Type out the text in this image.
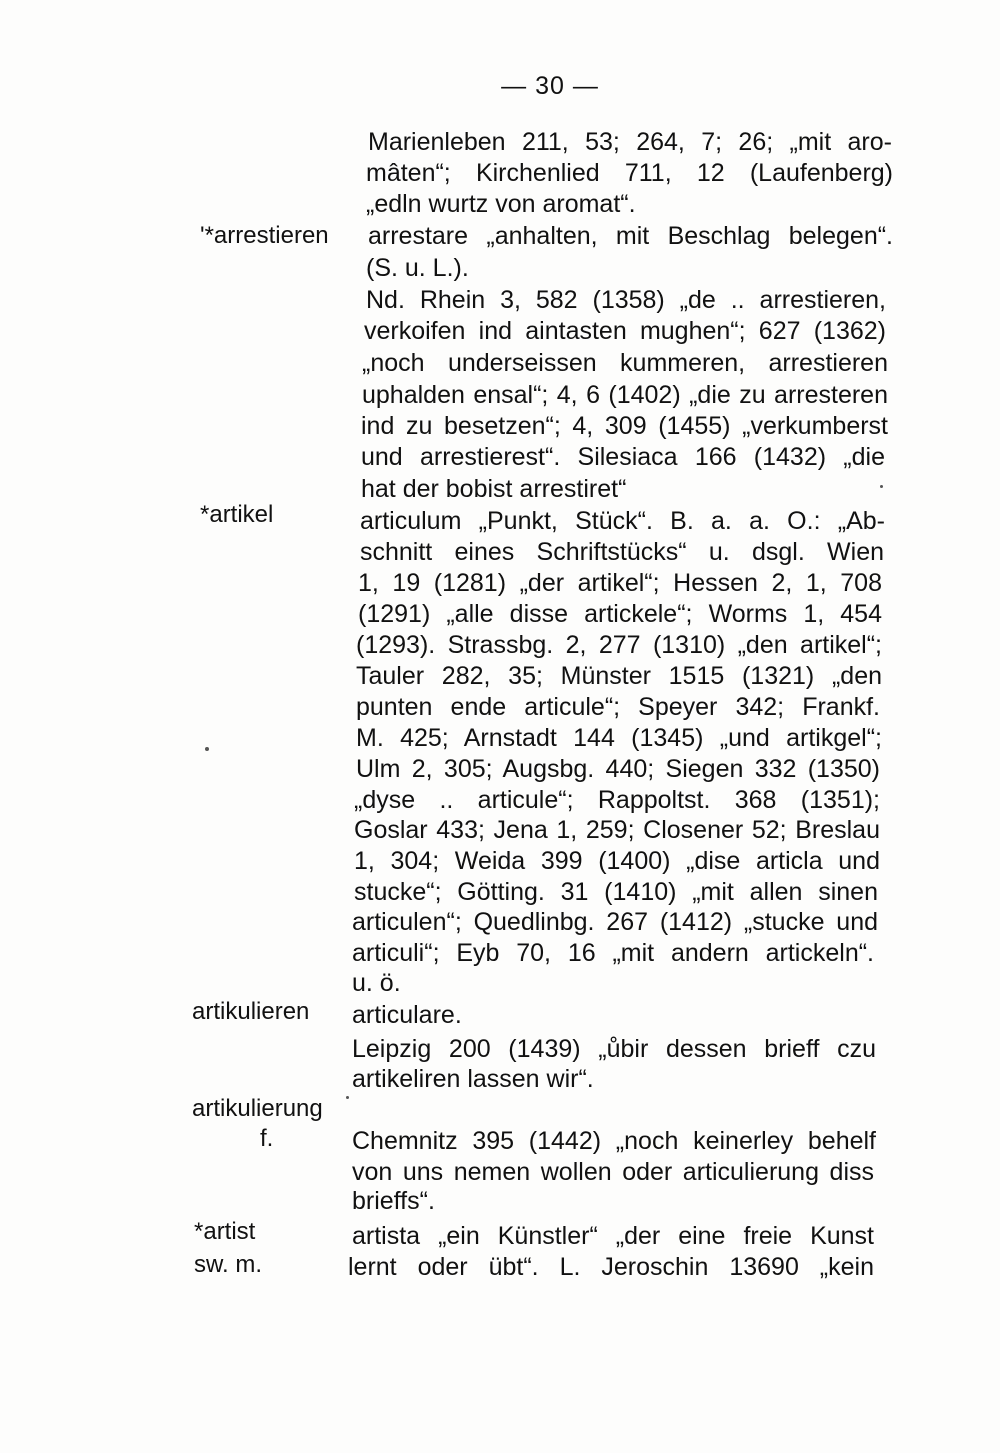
— 30 —
Marienleben 211, 53; 264, 7; 26; „mit aro-
mâten“; Kirchenlied 711, 12 (Laufenberg)
„edln wurtz von aromat“.
'*arrestieren arrestare „anhalten, mit Beschlag belegen“.
(S. u. L.).
Nd. Rhein 3, 582 (1358) „de .. arrestieren,
verkoifen ind aintasten mughen“; 627 (1362)
„noch underseissen kummeren, arrestieren
uphalden ensal“; 4, 6 (1402) „die zu arresteren
ind zu besetzen“; 4, 309 (1455) „verkumberst
und arrestierest“. Silesiaca 166 (1432) „die
hat der bobist arrestiret“
*artikel	articulum „Punkt, Stück“. B. a. a. O.: „Ab-
schnitt eines Schriftstücks“ u. dsgl. Wien
1, 19 (1281) „der artikel“; Hessen 2, 1, 708
(1291) „alle disse artickele“; Worms 1, 454
(1293). Strassbg. 2, 277 (1310) „den artikel“;
Tauler 282, 35; Münster 1515 (1321) „den
punten ende articule“; Speyer 342; Frankf.
M. 425; Arnstadt 144 (1345) „und artikgel“;
Ulm 2, 305; Augsbg. 440; Siegen 332 (1350)
„dyse .. articule“; Rappoltst. 368 (1351);
Goslar 433; Jena 1, 259; Closener 52; Breslau
1, 304; Weida 399 (1400) „dise articla und
stucke“; Götting. 31 (1410) „mit allen sinen
articulen“; Quedlinbg. 267 (1412) „stucke und
articuli“; Eyb 70, 16 „mit andern artickeln“.
u. ö.
artikulieren articulare.
Leipzig 200 (1439) „ůbir dessen brieff czu
artikeliren lassen wir“.
artikulierung
f.	Chemnitz 395 (1442) „noch keinerley behelf
von uns nemen wollen oder articulierung diss
brieffs“.
*artist
sw. m.
artista „ein Künstler“ „der eine freie Kunst
lernt oder übt“. L. Jeroschin 13690 „kein
